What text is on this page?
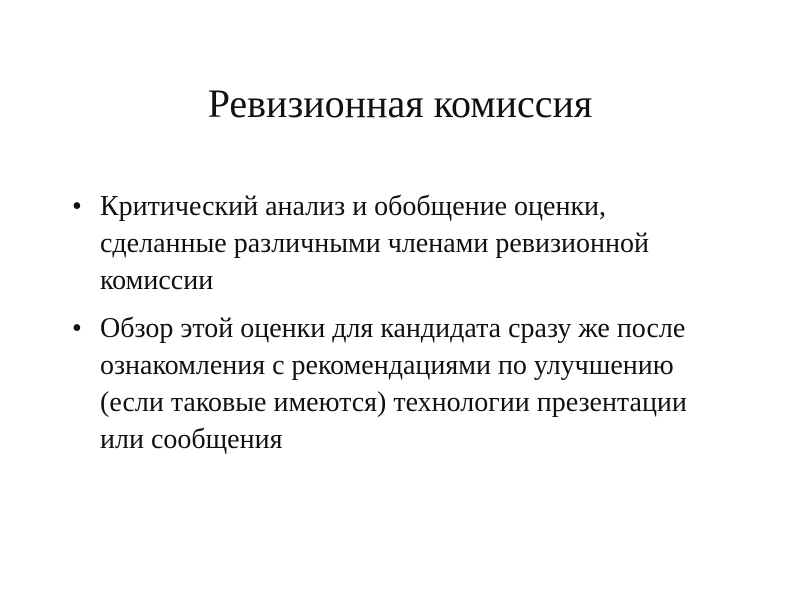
Ревизионная комиссия
• Критический анализ и обобщение оценки, сделанные различными членами ревизионной комиссии
• Обзор этой оценки для кандидата сразу же после ознакомления с рекомендациями по улучшению (если таковые имеются) технологии презентации или сообщения
